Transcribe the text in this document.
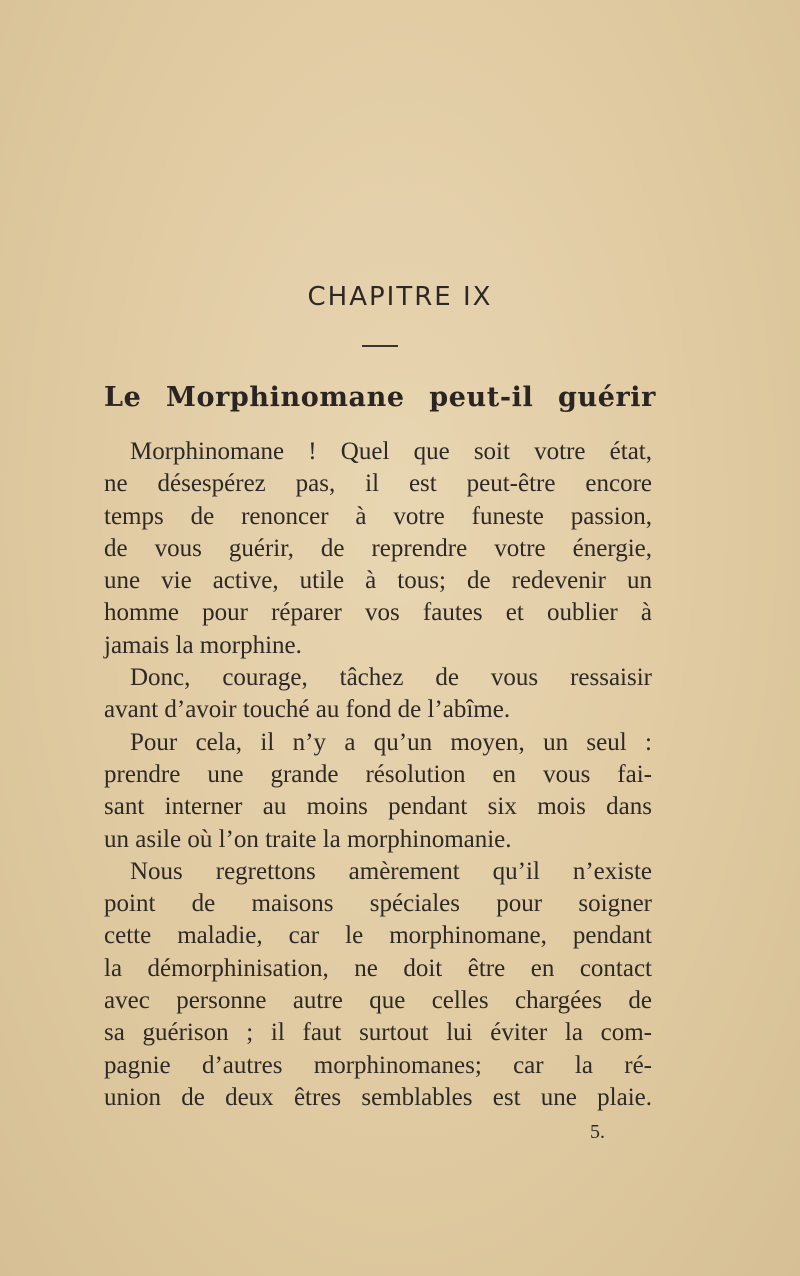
CHAPITRE IX
Le Morphinomane peut-il guérir
Morphinomane ! Quel que soit votre état,
ne désespérez pas, il est peut-être encore
temps de renoncer à votre funeste passion,
de vous guérir, de reprendre votre énergie,
une vie active, utile à tous; de redevenir un
homme pour réparer vos fautes et oublier à
jamais la morphine.
Donc, courage, tâchez de vous ressaisir
avant d’avoir touché au fond de l’abîme.
Pour cela, il n’y a qu’un moyen, un seul :
prendre une grande résolution en vous fai-
sant interner au moins pendant six mois dans
un asile où l’on traite la morphinomanie.
Nous regrettons amèrement qu’il n’existe
point de maisons spéciales pour soigner
cette maladie, car le morphinomane, pendant
la démorphinisation, ne doit être en contact
avec personne autre que celles chargées de
sa guérison ; il faut surtout lui éviter la com-
pagnie d’autres morphinomanes; car la ré-
union de deux êtres semblables est une plaie.
5.
